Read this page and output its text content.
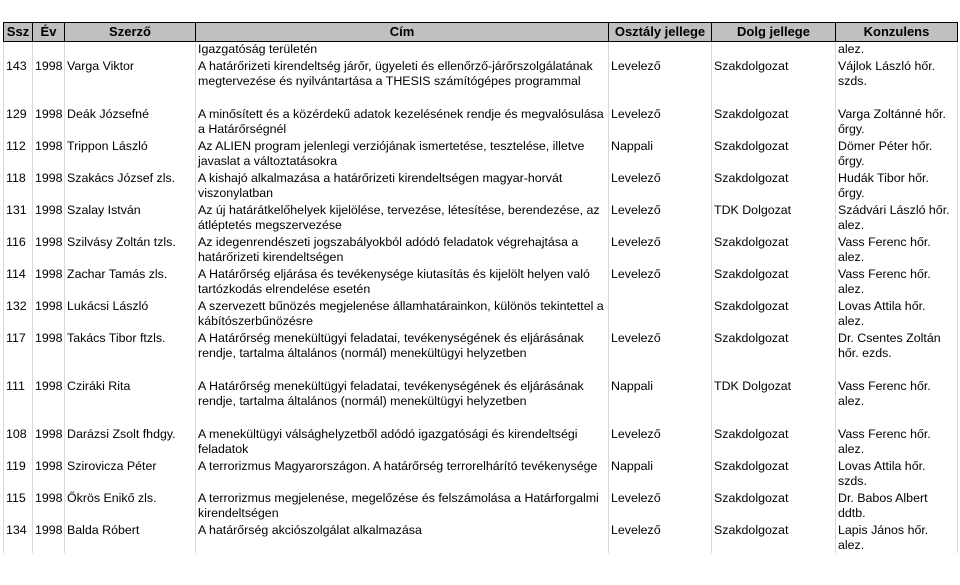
Ssz	Év	Szerző	Cím	Osztály jellege	Dolg jellege	Konzulens
			Igazgatóság területén			alez.
143	1998	Varga Viktor	A határőrizeti kirendeltség járőr, ügyeleti és ellenőrző-járőrszolgálatának megtervezése és nyilvántartása a THESIS számítógépes programmal	Levelező	Szakdolgozat	Vájlok László hőr. szds.
129	1998	Deák Józsefné	A minősített és a közérdekű adatok kezelésének rendje és megvalósulása a Határőrségnél	Levelező	Szakdolgozat	Varga Zoltánné hőr. őrgy.
112	1998	Trippon László	Az ALIEN program jelenlegi verziójának ismertetése, tesztelése, illetve javaslat a változtatásokra	Nappali	Szakdolgozat	Dömer Péter hőr. őrgy.
118	1998	Szakács József zls.	A kishajó alkalmazása a határőrizeti kirendeltségen magyar-horvát viszonylatban	Levelező	Szakdolgozat	Hudák Tibor hőr. őrgy.
131	1998	Szalay István	Az új határátkelőhelyek kijelölése, tervezése, létesítése, berendezése, az átléptetés megszervezése	Levelező	TDK Dolgozat	Szádvári László hőr. alez.
116	1998	Szilvásy Zoltán tzls.	Az idegenrendészeti jogszabályokból adódó feladatok végrehajtása a határőrizeti kirendeltségen	Levelező	Szakdolgozat	Vass Ferenc hőr. alez.
114	1998	Zachar Tamás zls.	A Határőrség eljárása és tevékenysége kiutasítás és kijelölt helyen való tartózkodás elrendelése esetén	Levelező	Szakdolgozat	Vass Ferenc hőr. alez.
132	1998	Lukácsi László	A szervezett bűnözés megjelenése államhatárainkon, különös tekintettel a kábítószerbűnözésre		Szakdolgozat	Lovas Attila hőr. alez.
117	1998	Takács Tibor ftzls.	A Határőrség menekültügyi feladatai, tevékenységének és eljárásának rendje, tartalma általános (normál) menekültügyi helyzetben	Levelező	Szakdolgozat	Dr. Csentes Zoltán hőr. ezds.
111	1998	Cziráki Rita	A Határőrség menekültügyi feladatai, tevékenységének és eljárásának rendje, tartalma általános (normál) menekültügyi helyzetben	Nappali	TDK Dolgozat	Vass Ferenc hőr. alez.
108	1998	Darázsi Zsolt fhdgy.	A menekültügyi válsághelyzetből adódó igazgatósági és kirendeltségi feladatok	Levelező	Szakdolgozat	Vass Ferenc hőr. alez.
119	1998	Szirovicza Péter	A terrorizmus Magyarországon. A határőrség terrorelhárító tevékenysége	Nappali	Szakdolgozat	Lovas Attila hőr. szds.
115	1998	Őkrös Enikő zls.	A terrorizmus megjelenése, megelőzése és felszámolása a Határforgalmi kirendeltségen	Levelező	Szakdolgozat	Dr. Babos Albert ddtb.
134	1998	Balda Róbert	A határőrség akciószolgálat alkalmazása	Levelező	Szakdolgozat	Lapis János hőr. alez.
